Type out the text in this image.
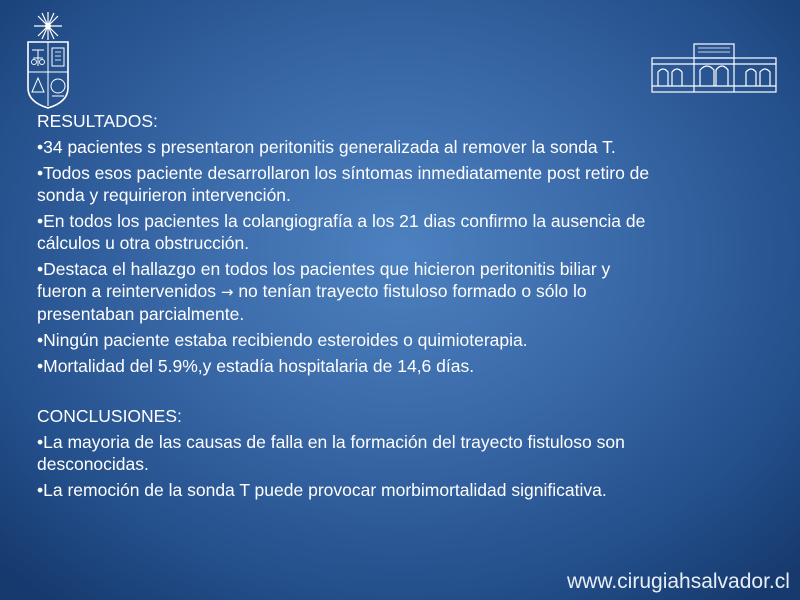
RESULTADOS:

•34 pacientes s presentaron peritonitis generalizada al remover la sonda T.

•Todos esos paciente desarrollaron los síntomas inmediatamente post retiro de
sonda y requirieron intervención.

•En todos los pacientes la colangiografía a los 21 dias confirmo la ausencia de
cálculos u otra obstrucción.

•Destaca el hallazgo en todos los pacientes que hicieron peritonitis biliar y
fueron a reintervenidos → no tenían trayecto fistuloso formado o sólo lo
presentaban parcialmente.

•Ningún paciente estaba recibiendo esteroides o quimioterapia.

•Mortalidad del 5.9%,y estadía hospitalaria de 14,6 días.

CONCLUSIONES:

•La mayoria de las causas de falla en la formación del trayecto fistuloso son
desconocidas.

•La remoción de la sonda T puede provocar morbimortalidad significativa.

www.cirugiahsalvador.cl
